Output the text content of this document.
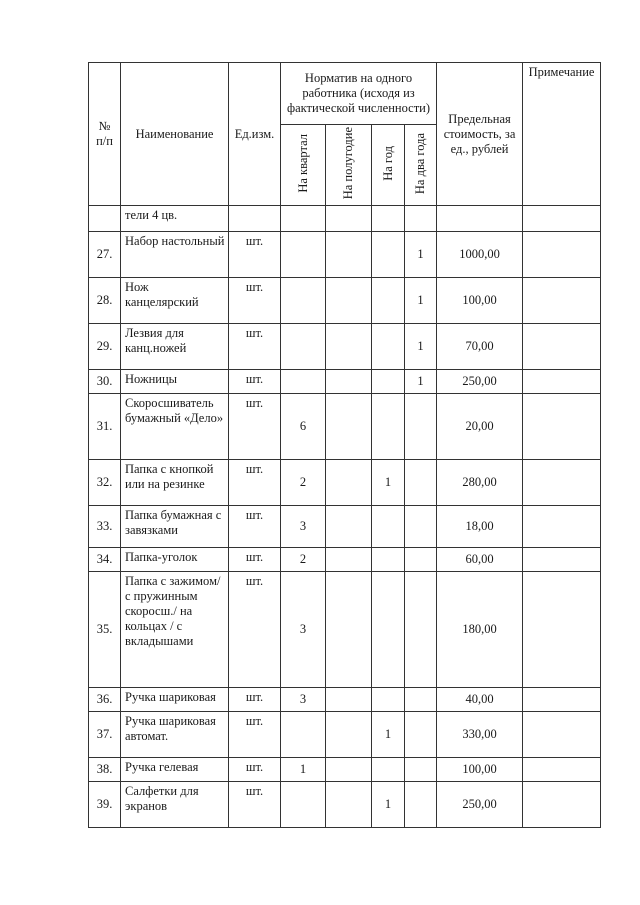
№ п/п	Наименование	Ед.изм.	Норматив на одного работника (исходя из фактической численности)				Предельная стоимость, за ед., рублей	Примечание
			На квартал	На полугодие	На год	На два года		
	тели 4 цв.							
27.	Набор настольный	шт.				1	1000,00	
28.	Нож канцелярский	шт.				1	100,00	
29.	Лезвия для канц.ножей	шт.				1	70,00	
30.	Ножницы	шт.				1	250,00	
31.	Скоросшиватель бумажный «Дело»	шт.	6				20,00	
32.	Папка с кнопкой или на резинке	шт.	2		1		280,00	
33.	Папка бумажная с завязками	шт.	3				18,00	
34.	Папка-уголок	шт.	2				60,00	
35.	Папка с зажимом/с пружинным скоросш./ на кольцах / с вкладышами	шт.	3				180,00	
36.	Ручка шариковая	шт.	3				40,00	
37.	Ручка шариковая автомат.	шт.			1		330,00	
38.	Ручка гелевая	шт.	1				100,00	
39.	Салфетки для экранов	шт.			1		250,00	
